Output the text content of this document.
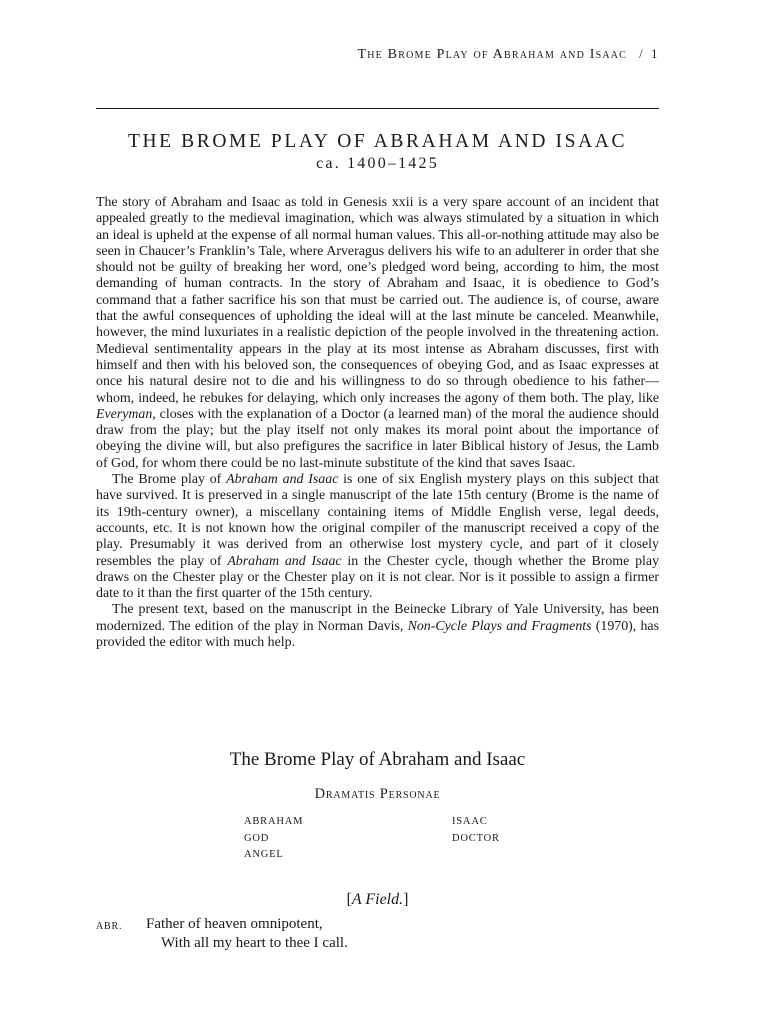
The Brome Play of Abraham and Isaac / 1
THE BROME PLAY OF ABRAHAM AND ISAAC
ca. 1400–1425

The story of Abraham and Isaac as told in Genesis xxii is a very spare account of an incident that appealed greatly to the medieval imagination, which was always stimulated by a situation in which an ideal is upheld at the expense of all normal human values. This all-or-nothing attitude may also be seen in Chaucer’s Franklin’s Tale, where Arveragus delivers his wife to an adulterer in order that she should not be guilty of breaking her word, one’s pledged word being, according to him, the most demanding of human contracts. In the story of Abraham and Isaac, it is obedience to God’s command that a father sacrifice his son that must be carried out. The audience is, of course, aware that the awful consequences of upholding the ideal will at the last minute be canceled. Meanwhile, however, the mind luxuriates in a realistic depiction of the people involved in the threatening action. Medieval sentimentality appears in the play at its most intense as Abraham discusses, first with himself and then with his beloved son, the consequences of obeying God, and as Isaac expresses at once his natural desire not to die and his willingness to do so through obedience to his father—whom, indeed, he rebukes for delaying, which only increases the agony of them both. The play, like Everyman, closes with the explanation of a Doctor (a learned man) of the moral the audience should draw from the play; but the play itself not only makes its moral point about the importance of obeying the divine will, but also prefigures the sacrifice in later Biblical history of Jesus, the Lamb of God, for whom there could be no last-minute substitute of the kind that saves Isaac.

The Brome play of Abraham and Isaac is one of six English mystery plays on this subject that have survived. It is preserved in a single manuscript of the late 15th century (Brome is the name of its 19th-century owner), a miscellany containing items of Middle English verse, legal deeds, accounts, etc. It is not known how the original compiler of the manuscript received a copy of the play. Presumably it was derived from an otherwise lost mystery cycle, and part of it closely resembles the play of Abraham and Isaac in the Chester cycle, though whether the Brome play draws on the Chester play or the Chester play on it is not clear. Nor is it possible to assign a firmer date to it than the first quarter of the 15th century.

The present text, based on the manuscript in the Beinecke Library of Yale University, has been modernized. The edition of the play in Norman Davis, Non-Cycle Plays and Fragments (1970), has provided the editor with much help.

The Brome Play of Abraham and Isaac
Dramatis Personae
ABRAHAM
GOD
ANGEL
ISAAC
DOCTOR
[A Field.]
ABR. Father of heaven omnipotent,
With all my heart to thee I call.
